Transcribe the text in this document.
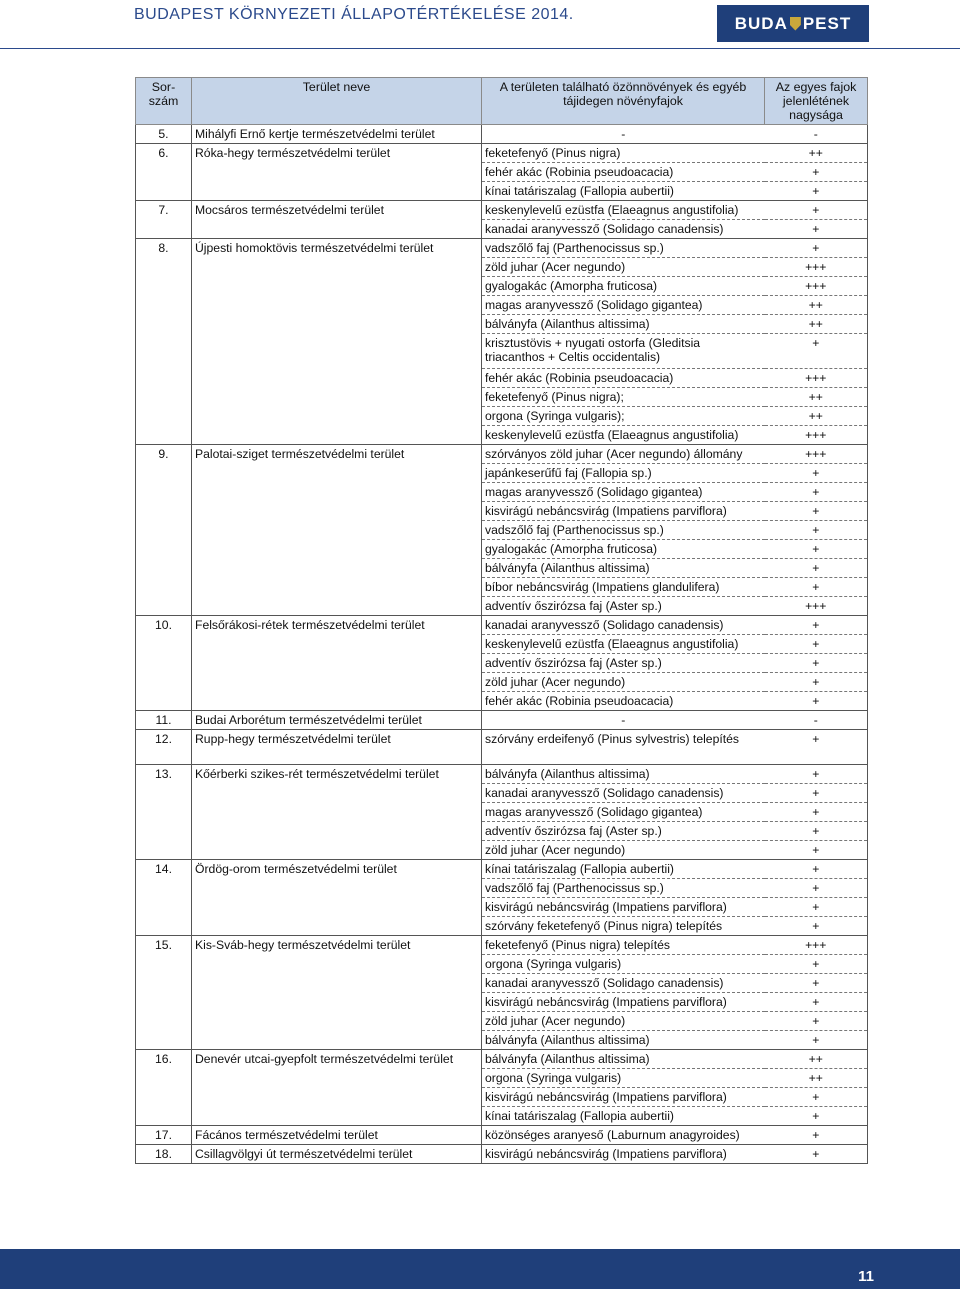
BUDAPEST KÖRNYEZETI ÁLLAPOTÉRTÉKELÉSE 2014.	BUDA PEST
Sor-
szám	Terület neve	A területen található özönnövények és egyéb tájidegen növényfajok	Az egyes fajok jelenlétének nagysága
5.	Mihályfi Ernő kertje természetvédelmi terület	-	-
6.	Róka-hegy természetvédelmi terület	feketefenyő (Pinus nigra)	++
		fehér akác (Robinia pseudoacacia)	+
		kínai tatáriszalag (Fallopia aubertii)	+
7.	Mocsáros természetvédelmi terület	keskenylevelű ezüstfa (Elaeagnus angustifolia)	+
		kanadai aranyvessző (Solidago canadensis)	+
8.	Újpesti homoktövis természetvédelmi terület	vadszőlő faj (Parthenocissus sp.)	+
		zöld juhar (Acer negundo)	+++
		gyalogakác (Amorpha fruticosa)	+++
		magas aranyvessző (Solidago gigantea)	++
		bálványfa (Ailanthus altissima)	++
		krisztustövis + nyugati ostorfa (Gleditsia triacanthos + Celtis occidentalis)	+
		fehér akác (Robinia pseudoacacia)	+++
		feketefenyő (Pinus nigra);	++
		orgona (Syringa vulgaris);	++
		keskenylevelű ezüstfa (Elaeagnus angustifolia)	+++
9.	Palotai-sziget természetvédelmi terület	szórványos zöld juhar (Acer negundo) állomány	+++
		japánkeserűfű faj (Fallopia sp.)	+
		magas aranyvessző (Solidago gigantea)	+
		kisvirágú nebáncsvirág (Impatiens parviflora)	+
		vadszőlő faj (Parthenocissus sp.)	+
		gyalogakác (Amorpha fruticosa)	+
		bálványfa (Ailanthus altissima)	+
		bíbor nebáncsvirág (Impatiens glandulifera)	+
		adventív őszirózsa faj (Aster sp.)	+++
10.	Felsőrákosi-rétek természetvédelmi terület	kanadai aranyvessző (Solidago canadensis)	+
		keskenylevelű ezüstfa (Elaeagnus angustifolia)	+
		adventív őszirózsa faj (Aster sp.)	+
		zöld juhar (Acer negundo)	+
		fehér akác (Robinia pseudoacacia)	+
11.	Budai Arborétum természetvédelmi terület	-	-
12.	Rupp-hegy természetvédelmi terület	szórvány erdeifenyő (Pinus sylvestris) telepítés	+
13.	Kőérberki szikes-rét természetvédelmi terület	bálványfa (Ailanthus altissima)	+
		kanadai aranyvessző (Solidago canadensis)	+
		magas aranyvessző (Solidago gigantea)	+
		adventív őszirózsa faj (Aster sp.)	+
		zöld juhar (Acer negundo)	+
14.	Ördög-orom természetvédelmi terület	kínai tatáriszalag (Fallopia aubertii)	+
		vadszőlő faj (Parthenocissus sp.)	+
		kisvirágú nebáncsvirág (Impatiens parviflora)	+
		szórvány feketefenyő (Pinus nigra) telepítés	+
15.	Kis-Sváb-hegy természetvédelmi terület	feketefenyő (Pinus nigra) telepítés	+++
		orgona (Syringa vulgaris)	+
		kanadai aranyvessző (Solidago canadensis)	+
		kisvirágú nebáncsvirág (Impatiens parviflora)	+
		zöld juhar (Acer negundo)	+
		bálványfa (Ailanthus altissima)	+
16.	Denevér utcai-gyepfolt természetvédelmi terület	bálványfa (Ailanthus altissima)	++
		orgona (Syringa vulgaris)	++
		kisvirágú nebáncsvirág (Impatiens parviflora)	+
		kínai tatáriszalag (Fallopia aubertii)	+
17.	Fácános természetvédelmi terület	közönséges aranyeső (Laburnum anagyroides)	+
18.	Csillagvölgyi út természetvédelmi terület	kisvirágú nebáncsvirág (Impatiens parviflora)	+
11
